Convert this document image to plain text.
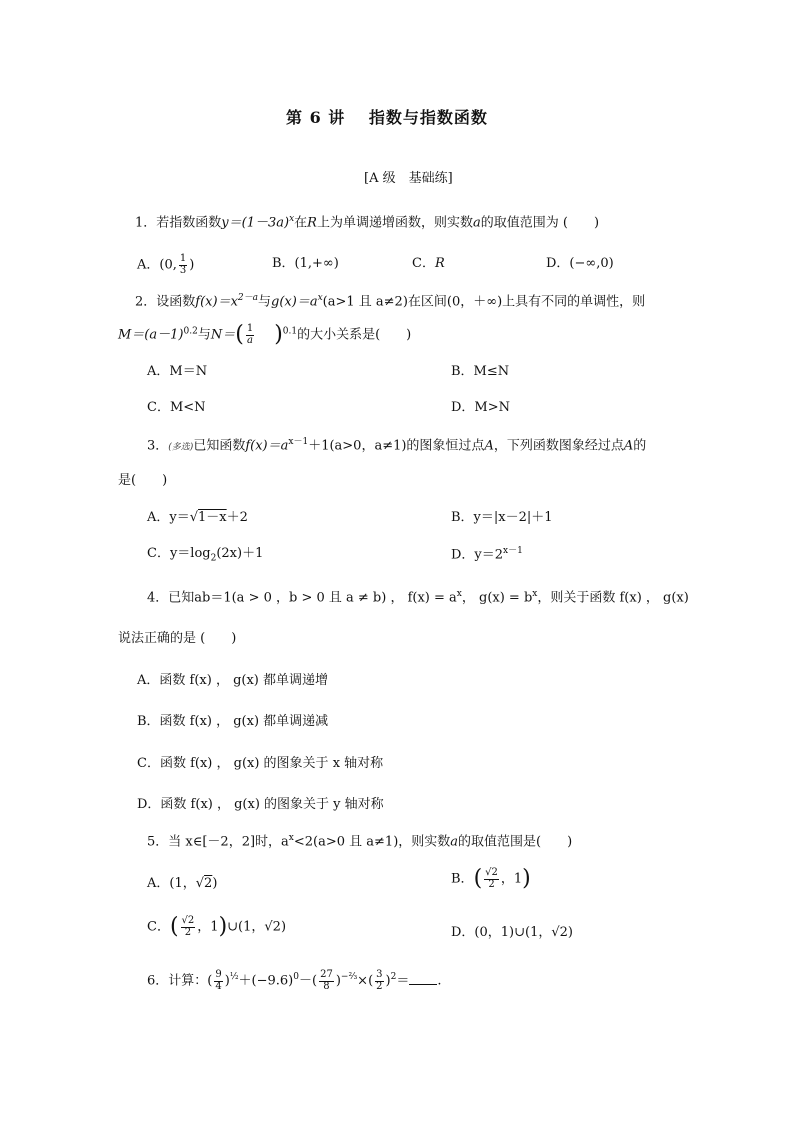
第 6 讲　 指数与指数函数
[A 级　基础练]
1．若指数函数$y=(1-3a)^x$在R上为单调递增函数，则实数a的取值范围为 (　　)
A．(0, $\frac{1}{3}$ )	B．(1,+∞)	C．R	D．(−∞,0)
2．设函数$f(x)=x^{2-a}$与$g(x)=a^x(a>1$ 且 a≠2)在区间(0，＋∞)上具有不同的单调性，则
$M=(a-1)^{0.2}$与$N=( \frac{1}{a} )^{0.1}$的大小关系是(　　)
A．M＝N	B．M≤N
C．M<N	D．M>N
3．(多选)已知函数$f(x)=a^{x-1}+1(a>0$，a≠1)的图象恒过点A，下列函数图象经过点A的
是(　　)
A．y＝√1－x＋2	B．y＝|x－2|＋1
C．$y=\log_2(2x)+1$	D．$y=2^{x-1}$
4．已知ab＝1(a > 0 ，b > 0 且 a ≠ b) ， $f(x) = a^x$， $g(x) = b^x$，则关于函数 f(x) ， g(x)
说法正确的是 (　　)
A．函数 f(x) ， g(x) 都单调递增
B．函数 f(x) ， g(x) 都单调递减
C．函数 f(x) ， g(x) 的图象关于 x 轴对称
D．函数 f(x) ， g(x) 的图象关于 y 轴对称
5．当 x∈[－2，2]时，$a^x<2(a>0$ 且 a≠1)，则实数a的取值范围是(　　)
A．(1，√2)	B．( $\frac{√2}{2}$ ，1)
C．( $\frac{√2}{2}$ ，1)∪(1，√2)	D．(0，1)∪(1，√2)
6．计算：( $\frac{9}{4} )^{\frac{1}{2}}+(-9.6)^0-( \frac{27}{8} )^{-\frac{2}{3}}\times( \frac{3}{2} )^2=$ .
